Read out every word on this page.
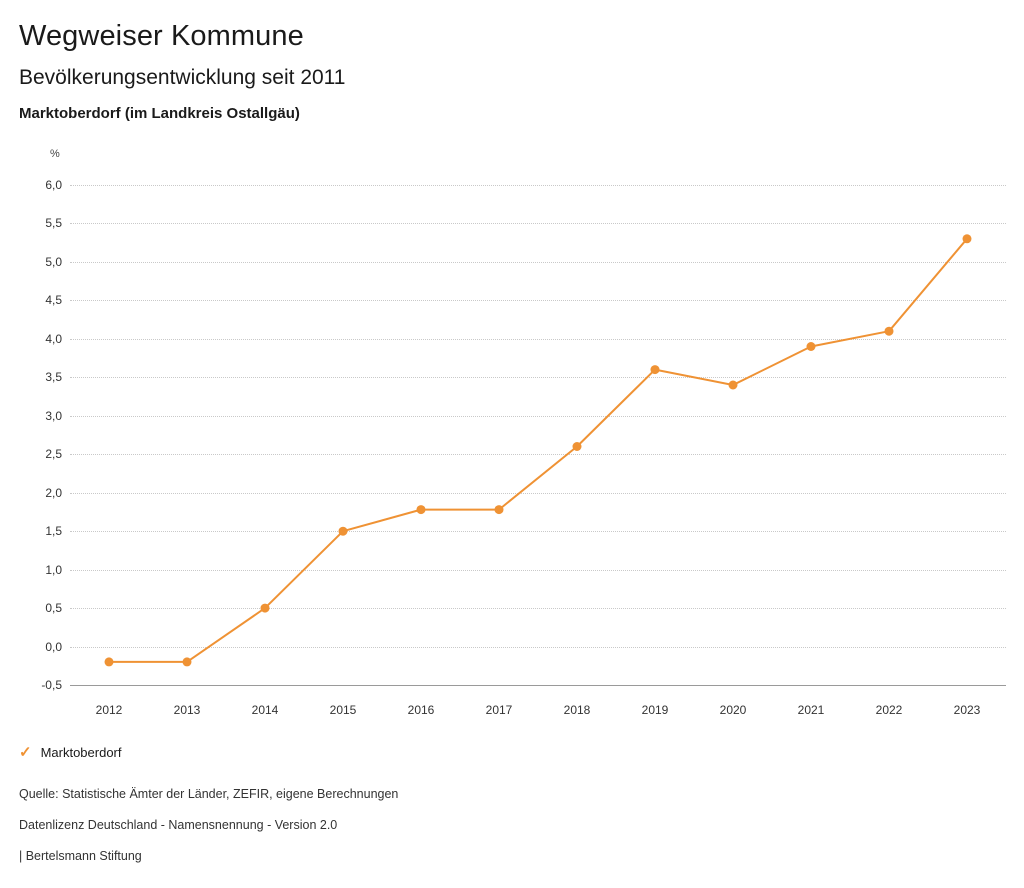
Wegweiser Kommune
Bevölkerungsentwicklung seit 2011
Marktoberdorf (im Landkreis Ostallgäu)
%
6,0
5,5
5,0
4,5
4,0
3,5
3,0
2,5
2,0
1,5
1,0
0,5
0,0
-0,5
2012	2013	2014	2015	2016	2017	2018	2019	2020	2021	2022	2023
✓ Marktoberdorf
Quelle: Statistische Ämter der Länder, ZEFIR, eigene Berechnungen
Datenlizenz Deutschland - Namensnennung - Version 2.0
| Bertelsmann Stiftung
